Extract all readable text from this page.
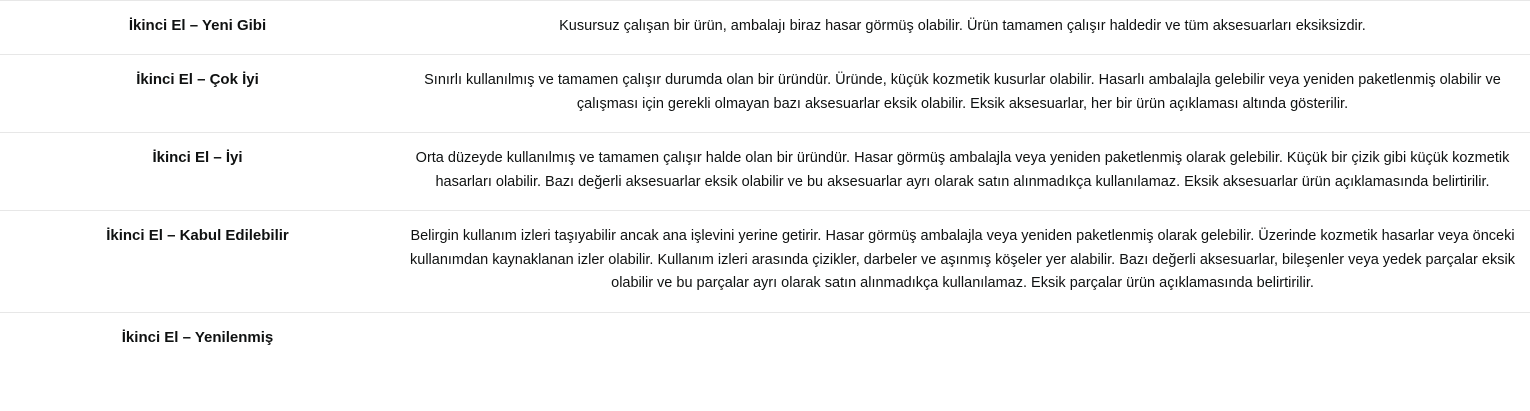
İkinci El – Yeni Gibi	Kusursuz çalışan bir ürün, ambalajı biraz hasar görmüş olabilir. Ürün tamamen çalışır haldedir ve tüm aksesuarları eksiksizdir.

İkinci El – Çok İyi	Sınırlı kullanılmış ve tamamen çalışır durumda olan bir üründür. Üründe, küçük kozmetik kusurlar olabilir. Hasarlı ambalajla gelebilir veya yeniden paketlenmiş olabilir ve çalışması için gerekli olmayan bazı aksesuarlar eksik olabilir. Eksik aksesuarlar, her bir ürün açıklaması altında gösterilir.

İkinci El – İyi	Orta düzeyde kullanılmış ve tamamen çalışır halde olan bir üründür. Hasar görmüş ambalajla veya yeniden paketlenmiş olarak gelebilir. Küçük bir çizik gibi küçük kozmetik hasarları olabilir. Bazı değerli aksesuarlar eksik olabilir ve bu aksesuarlar ayrı olarak satın alınmadıkça kullanılamaz. Eksik aksesuarlar ürün açıklamasında belirtirilir.

İkinci El – Kabul Edilebilir	Belirgin kullanım izleri taşıyabilir ancak ana işlevini yerine getirir. Hasar görmüş ambalajla veya yeniden paketlenmiş olarak gelebilir. Üzerinde kozmetik hasarlar veya önceki kullanımdan kaynaklanan izler olabilir. Kullanım izleri arasında çizikler, darbeler ve aşınmış köşeler yer alabilir. Bazı değerli aksesuarlar, bileşenler veya yedek parçalar eksik olabilir ve bu parçalar ayrı olarak satın alınmadıkça kullanılamaz. Eksik parçalar ürün açıklamasında belirtirilir.

İkinci El – Yenilenmiş	
